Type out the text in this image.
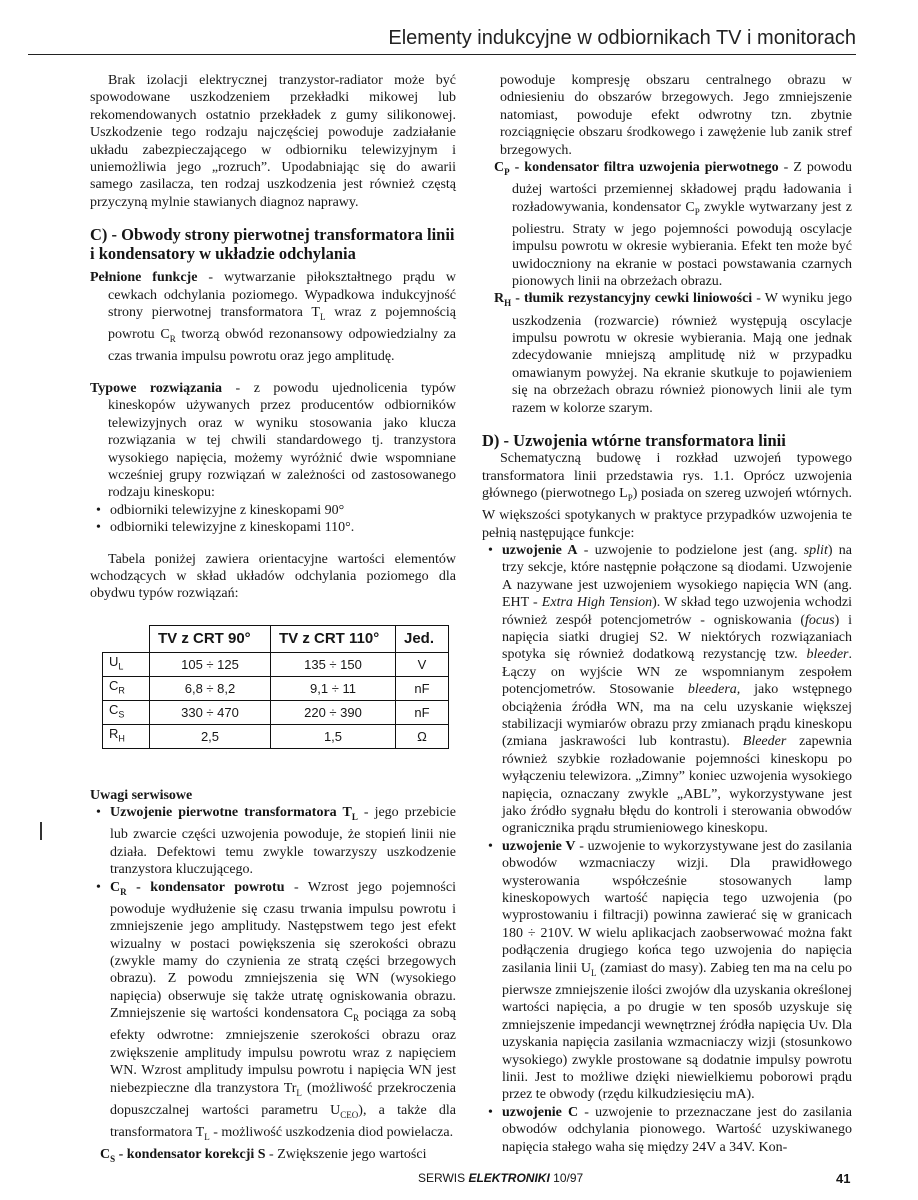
Elementy indukcyjne w odbiornikach TV i monitorach

Brak izolacji elektrycznej tranzystor-radiator może być spowodowane uszkodzeniem przekładki mikowej lub rekomendowanych ostatnio przekładek z gumy silikonowej. Uszkodzenie tego rodzaju najczęściej powoduje zadziałanie układu zabezpieczającego w odbiorniku telewizyjnym i uniemożliwia jego „rozruch”. Upodabniając się do awarii samego zasilacza, ten rodzaj uszkodzenia jest również częstą przyczyną mylnie stawianych diagnoz naprawy.

C) - Obwody strony pierwotnej transformatora linii i kondensatory w układzie odchylania

Pełnione funkcje - wytwarzanie piłokształtnego prądu w cewkach odchylania poziomego. Wypadkowa indukcyjność strony pierwotnej transformatora $T_L$ wraz z pojemnością powrotu $C_R$ tworzą obwód rezonansowy odpowiedzialny za czas trwania impulsu powrotu oraz jego amplitudę.

Typowe rozwiązania - z powodu ujednolicenia typów kineskopów używanych przez producentów odbiorników telewizyjnych oraz w wyniku stosowania jako klucza rozwiązania w tej chwili standardowego tj. tranzystora wysokiego napięcia, możemy wyróżnić dwie wspomniane wcześniej grupy rozwiązań w zależności od zastosowanego rodzaju kineskopu:

• odbiorniki telewizyjne z kineskopami 90°
• odbiorniki telewizyjne z kineskopami 110°.

Tabela poniżej zawiera orientacyjne wartości elementów wchodzących w skład układów odchylania poziomego dla obydwu typów rozwiązań:

	TV z CRT 90°	TV z CRT 110°	Jed.
$U_L$	105 ÷ 125	135 ÷ 150	V
$C_R$	6,8 ÷ 8,2	9,1 ÷ 11	nF
$C_S$	330 ÷ 470	220 ÷ 390	nF
$R_H$	2,5	1,5	Ω

Uwagi serwisowe

• Uzwojenie pierwotne transformatora $T_L$ - jego przebicie lub zwarcie części uzwojenia powoduje, że stopień linii nie działa. Defektowi temu zwykle towarzyszy uszkodzenie tranzystora kluczującego.
• $C_R$ - kondensator powrotu - Wzrost jego pojemności powoduje wydłużenie się czasu trwania impulsu powrotu i zmniejszenie jego amplitudy. Następstwem tego jest efekt wizualny w postaci powiększenia się szerokości obrazu (zwykle mamy do czynienia ze stratą części brzegowych obrazu). Z powodu zmniejszenia się WN (wysokiego napięcia) obserwuje się także utratę ogniskowania obrazu. Zmniejszenie się wartości kondensatora $C_R$ pociąga za sobą efekty odwrotne: zmniejszenie szerokości obrazu oraz zwiększenie amplitudy impulsu powrotu wraz z napięciem WN. Wzrost amplitudy impulsu powrotu i napięcia WN jest niebezpieczne dla tranzystora $Tr_L$ (możliwość przekroczenia dopuszczalnej wartości parametru $U_{CEO}$), a także dla transformatora $T_L$ - możliwość uszkodzenia diod powielacza.

$C_S$ - kondensator korekcji S - Zwiększenie jego wartości

powoduje kompresję obszaru centralnego obrazu w odniesieniu do obszarów brzegowych. Jego zmniejszenie natomiast, powoduje efekt odwrotny tzn. zbytnie rozciągnięcie obszaru środkowego i zawężenie lub zanik stref brzegowych.

$C_P$ - kondensator filtra uzwojenia pierwotnego - Z powodu dużej wartości przemiennej składowej prądu ładowania i rozładowywania, kondensator $C_P$ zwykle wytwarzany jest z poliestru. Straty w jego pojemności powodują oscylacje impulsu powrotu w okresie wybierania. Efekt ten może być uwidoczniony na ekranie w postaci powstawania czarnych pionowych linii na obrzeżach obrazu.

$R_H$ - tłumik rezystancyjny cewki liniowości - W wyniku jego uszkodzenia (rozwarcie) również występują oscylacje impulsu powrotu w okresie wybierania. Mają one jednak zdecydowanie mniejszą amplitudę niż w przypadku omawianym powyżej. Na ekranie skutkuje to pojawieniem się na obrzeżach obrazu również pionowych linii ale tym razem w kolorze szarym.

D) - Uzwojenia wtórne transformatora linii

Schematyczną budowę i rozkład uzwojeń typowego transformatora linii przedstawia rys. 1.1. Oprócz uzwojenia głównego (pierwotnego $L_P$) posiada on szereg uzwojeń wtórnych. W większości spotykanych w praktyce przypadków uzwojenia te pełnią następujące funkcje:

• uzwojenie A - uzwojenie to podzielone jest (ang. split) na trzy sekcje, które następnie połączone są diodami. Uzwojenie A nazywane jest uzwojeniem wysokiego napięcia WN (ang. EHT - Extra High Tension). W skład tego uzwojenia wchodzi również zespół potencjometrów - ogniskowania (focus) i napięcia siatki drugiej S2. W niektórych rozwiązaniach spotyka się również dodatkową rezystancję tzw. bleeder. Łączy on wyjście WN ze wspomnianym zespołem potencjometrów. Stosowanie bleedera, jako wstępnego obciążenia źródła WN, ma na celu uzyskanie większej stabilizacji wymiarów obrazu przy zmianach prądu kineskopu (zmiana jaskrawości lub kontrastu). Bleeder zapewnia również szybkie rozładowanie pojemności kineskopu po wyłączeniu telewizora. „Zimny” koniec uzwojenia wysokiego napięcia, oznaczany zwykle „ABL”, wykorzystywane jest jako źródło sygnału błędu do kontroli i sterowania obwodów ogranicznika prądu strumieniowego kineskopu.
• uzwojenie V - uzwojenie to wykorzystywane jest do zasilania obwodów wzmacniaczy wizji. Dla prawidłowego wysterowania współcześnie stosowanych lamp kineskopowych wartość napięcia tego uzwojenia (po wyprostowaniu i filtracji) powinna zawierać się w granicach 180 ÷ 210V. W wielu aplikacjach zaobserwować można fakt podłączenia drugiego końca tego uzwojenia do napięcia zasilania linii $U_L$ (zamiast do masy). Zabieg ten ma na celu po pierwsze zmniejszenie ilości zwojów dla uzyskania określonej wartości napięcia, a po drugie w ten sposób uzyskuje się zmniejszenie impedancji wewnętrznej źródła napięcia Uv. Dla uzyskania napięcia zasilania wzmacniaczy wizji (stosunkowo wysokiego) zwykle prostowane są dodatnie impulsy powrotu linii. Jest to możliwe dzięki niewielkiemu poborowi prądu przez te obwody (rzędu kilkudziesięciu mA).
• uzwojenie C - uzwojenie to przeznaczane jest do zasilania obwodów odchylania pionowego. Wartość uzyskiwanego napięcia stałego waha się między 24V a 34V. Kon-
SERWIS ELEKTRONIKI 10/97	41
